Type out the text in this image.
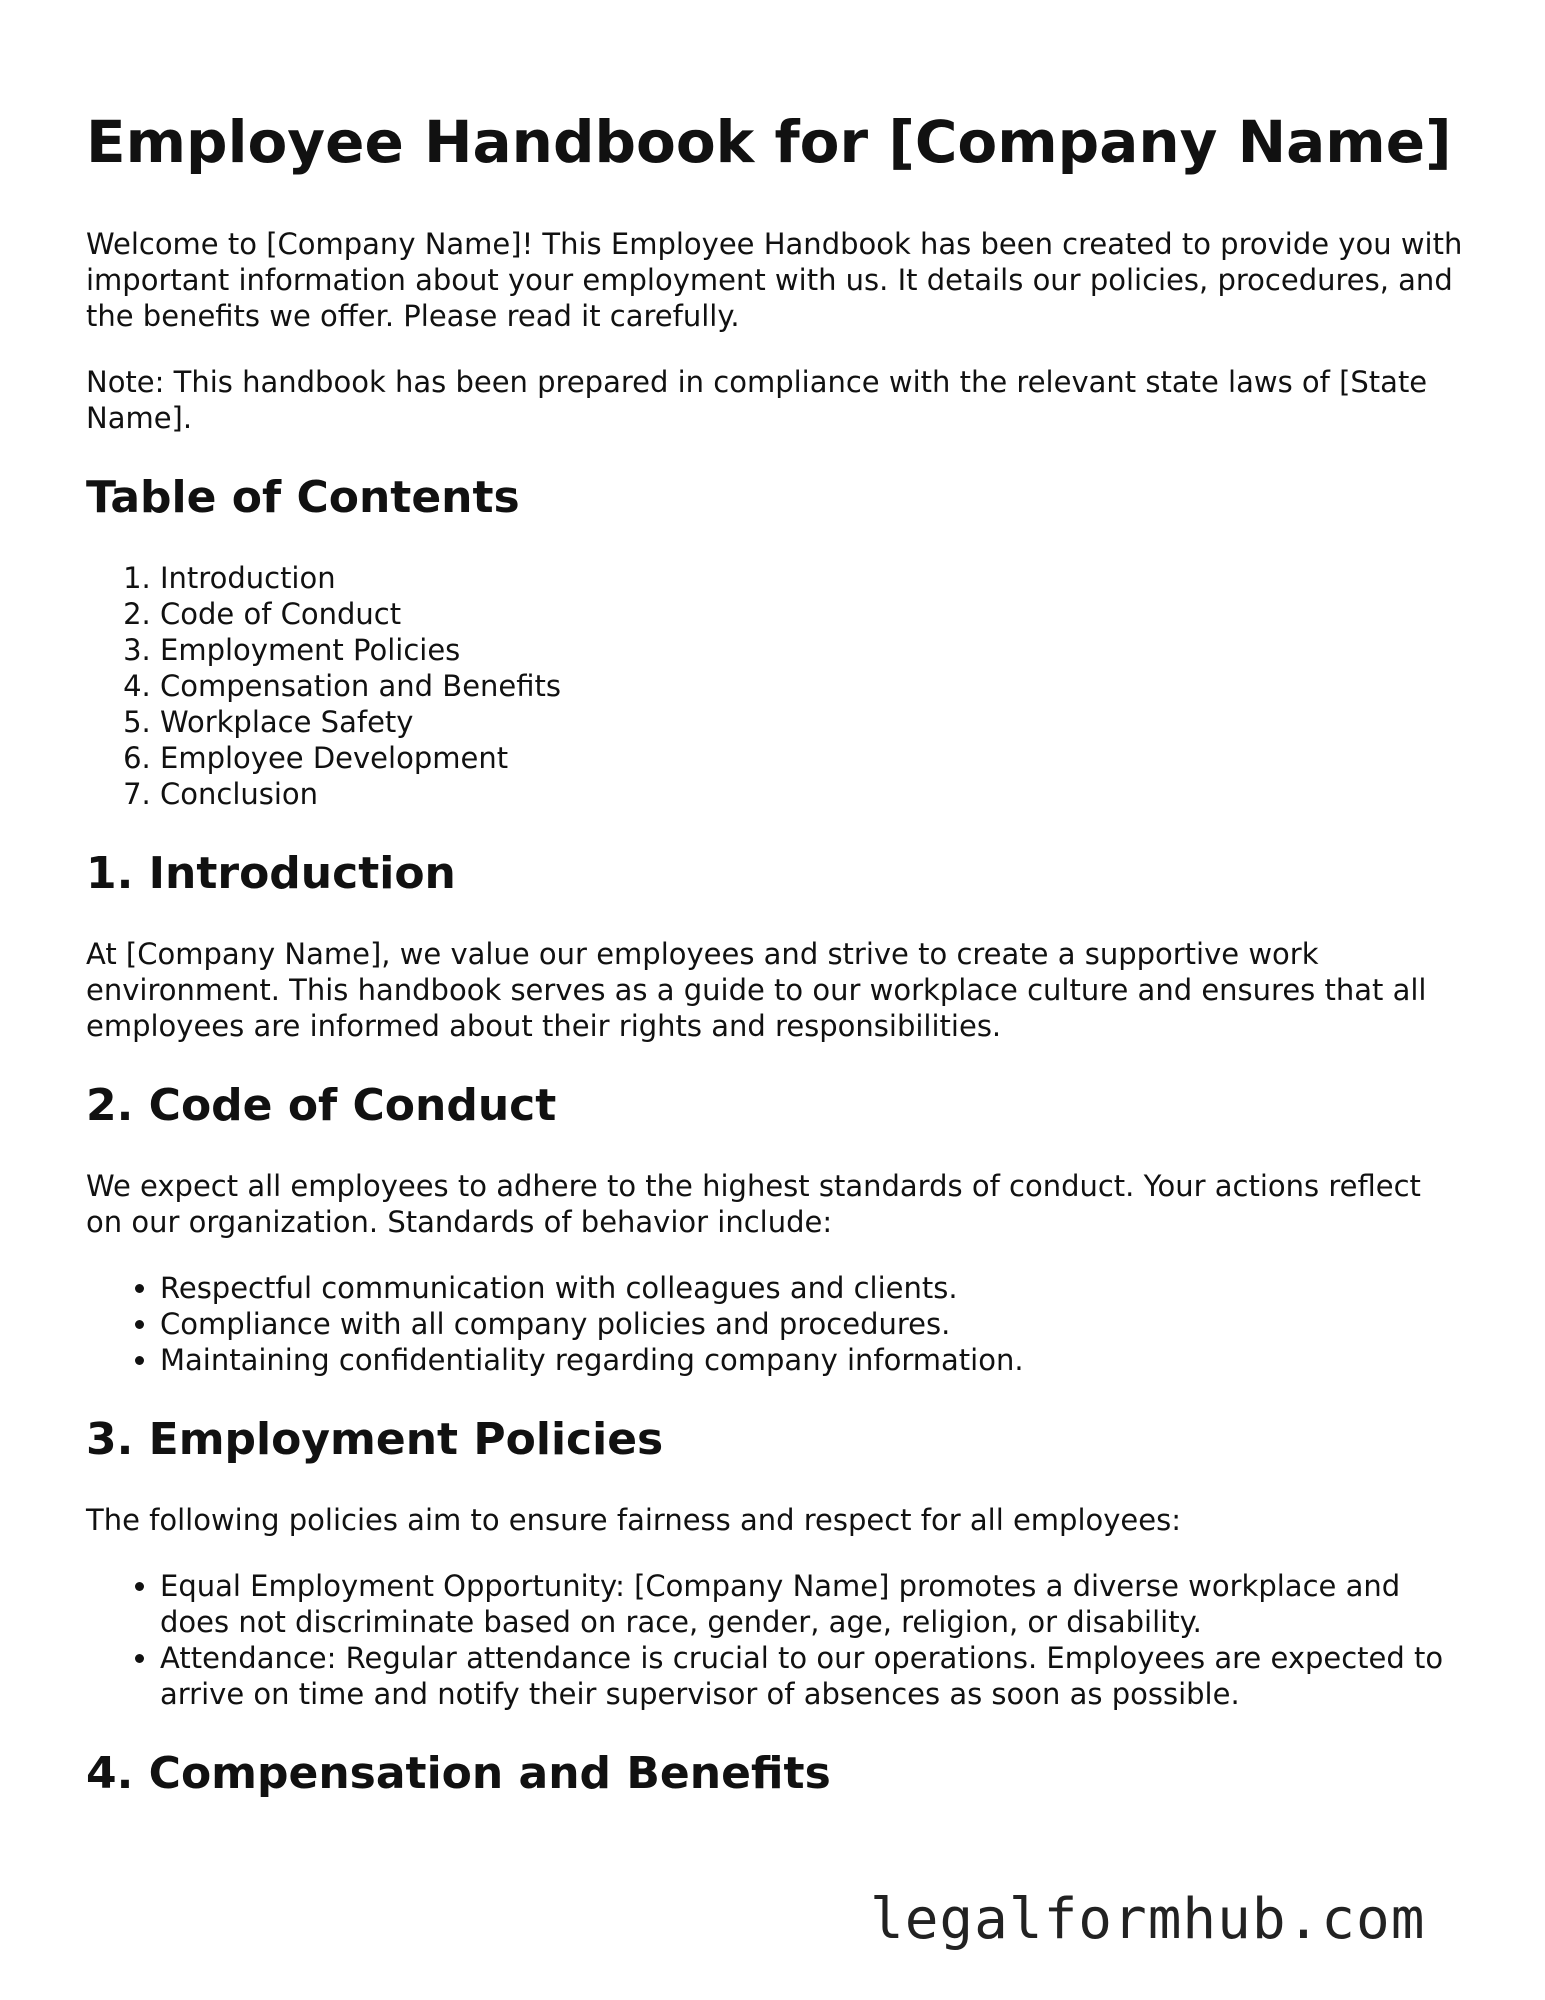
Employee Handbook for [Company Name]

Welcome to [Company Name]! This Employee Handbook has been created to provide you with important information about your employment with us. It details our policies, procedures, and the benefits we offer. Please read it carefully.

Note: This handbook has been prepared in compliance with the relevant state laws of [State Name].

Table of Contents
1. Introduction
2. Code of Conduct
3. Employment Policies
4. Compensation and Benefits
5. Workplace Safety
6. Employee Development
7. Conclusion
1. Introduction

At [Company Name], we value our employees and strive to create a supportive work environment. This handbook serves as a guide to our workplace culture and ensures that all employees are informed about their rights and responsibilities.

2. Code of Conduct

We expect all employees to adhere to the highest standards of conduct. Your actions reflect on our organization. Standards of behavior include:

• Respectful communication with colleagues and clients.
• Compliance with all company policies and procedures.
• Maintaining confidentiality regarding company information.
3. Employment Policies

The following policies aim to ensure fairness and respect for all employees:

• Equal Employment Opportunity: [Company Name] promotes a diverse workplace and does not discriminate based on race, gender, age, religion, or disability.
• Attendance: Regular attendance is crucial to our operations. Employees are expected to arrive on time and notify their supervisor of absences as soon as possible.
4. Compensation and Benefits
legalformhub.com
